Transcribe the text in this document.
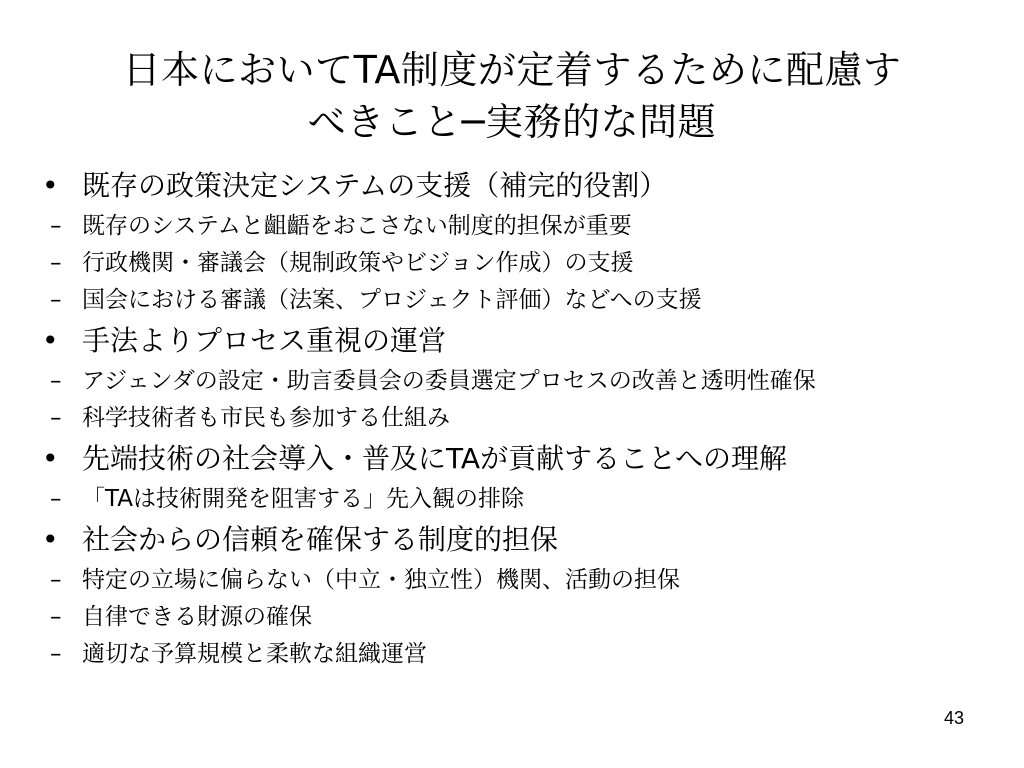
日本においてTA制度が定着するために配慮す
べきこと─実務的な問題
• 既存の政策決定システムの支援（補完的役割）
– 既存のシステムと齟齬をおこさない制度的担保が重要
– 行政機関・審議会（規制政策やビジョン作成）の支援
– 国会における審議（法案、プロジェクト評価）などへの支援
• 手法よりプロセス重視の運営
– アジェンダの設定・助言委員会の委員選定プロセスの改善と透明性確保
– 科学技術者も市民も参加する仕組み
• 先端技術の社会導入・普及にTAが貢献することへの理解
– 「TAは技術開発を阻害する」先入観の排除
• 社会からの信頼を確保する制度的担保
– 特定の立場に偏らない（中立・独立性）機関、活動の担保
– 自律できる財源の確保
– 適切な予算規模と柔軟な組織運営
43
